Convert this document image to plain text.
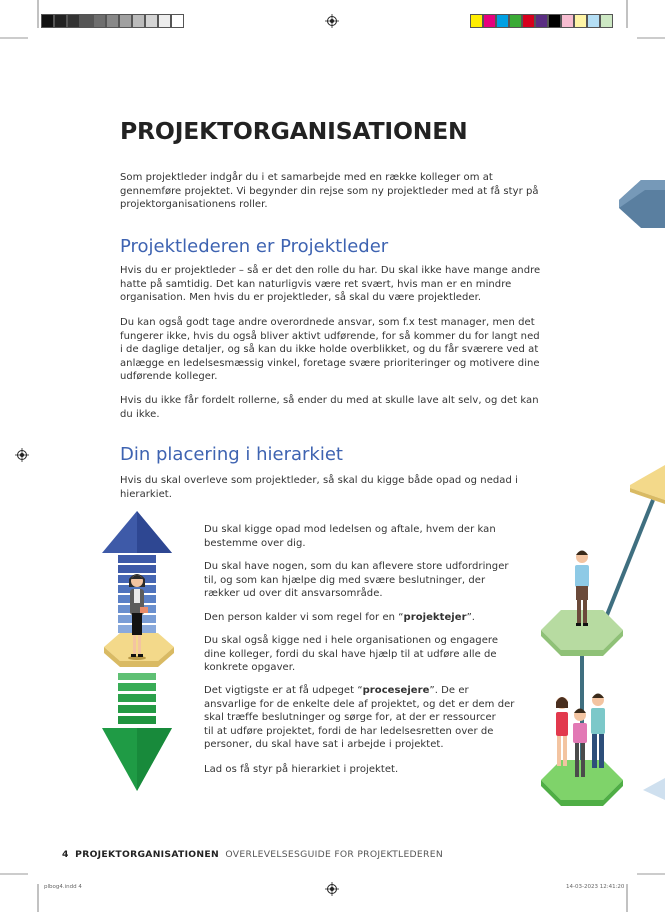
PROJEKTORGANISATIONEN
Som projektleder indgår du i et samarbejde med en række kolleger om at
gennemføre projektet. Vi begynder din rejse som ny projektleder med at få styr på
projektorganisationens roller.
Projektlederen er Projektleder
Hvis du er projektleder – så er det den rolle du har. Du skal ikke have mange andre
hatte på samtidig. Det kan naturligvis være ret svært, hvis man er en mindre
organisation. Men hvis du er projektleder, så skal du være projektleder.
Du kan også godt tage andre overordnede ansvar, som f.x test manager, men det
fungerer ikke, hvis du også bliver aktivt udførende, for så kommer du for langt ned
i de daglige detaljer, og så kan du ikke holde overblikket, og du får sværere ved at
anlægge en ledelsesmæssig vinkel, foretage svære prioriteringer og motivere dine
udførende kolleger.
Hvis du ikke får fordelt rollerne, så ender du med at skulle lave alt selv, og det kan
du ikke.
Din placering i hierarkiet
Hvis du skal overleve som projektleder, så skal du kigge både opad og nedad i
hierarkiet.
Du skal kigge opad mod ledelsen og aftale, hvem der kan
bestemme over dig.
Du skal have nogen, som du kan aflevere store udfordringer
til, og som kan hjælpe dig med svære beslutninger, der
rækker ud over dit ansvarsområde.
Den person kalder vi som regel for en “projektejer”.
Du skal også kigge ned i hele organisationen og engagere
dine kolleger, fordi du skal have hjælp til at udføre alle de
konkrete opgaver.
Det vigtigste er at få udpeget “procesejere”. De er
ansvarlige for de enkelte dele af projektet, og det er dem der
skal træffe beslutninger og sørge for, at der er ressourcer
til at udføre projektet, fordi de har ledelsesretten over de
personer, du skal have sat i arbejde i projektet.
Lad os få styr på hierarkiet i projektet.
4 PROJEKTORGANISATIONEN OVERLEVELSESGUIDE FOR PROJEKTLEDEREN
plbog4.indd 4	14-03-2023 12:41:20
